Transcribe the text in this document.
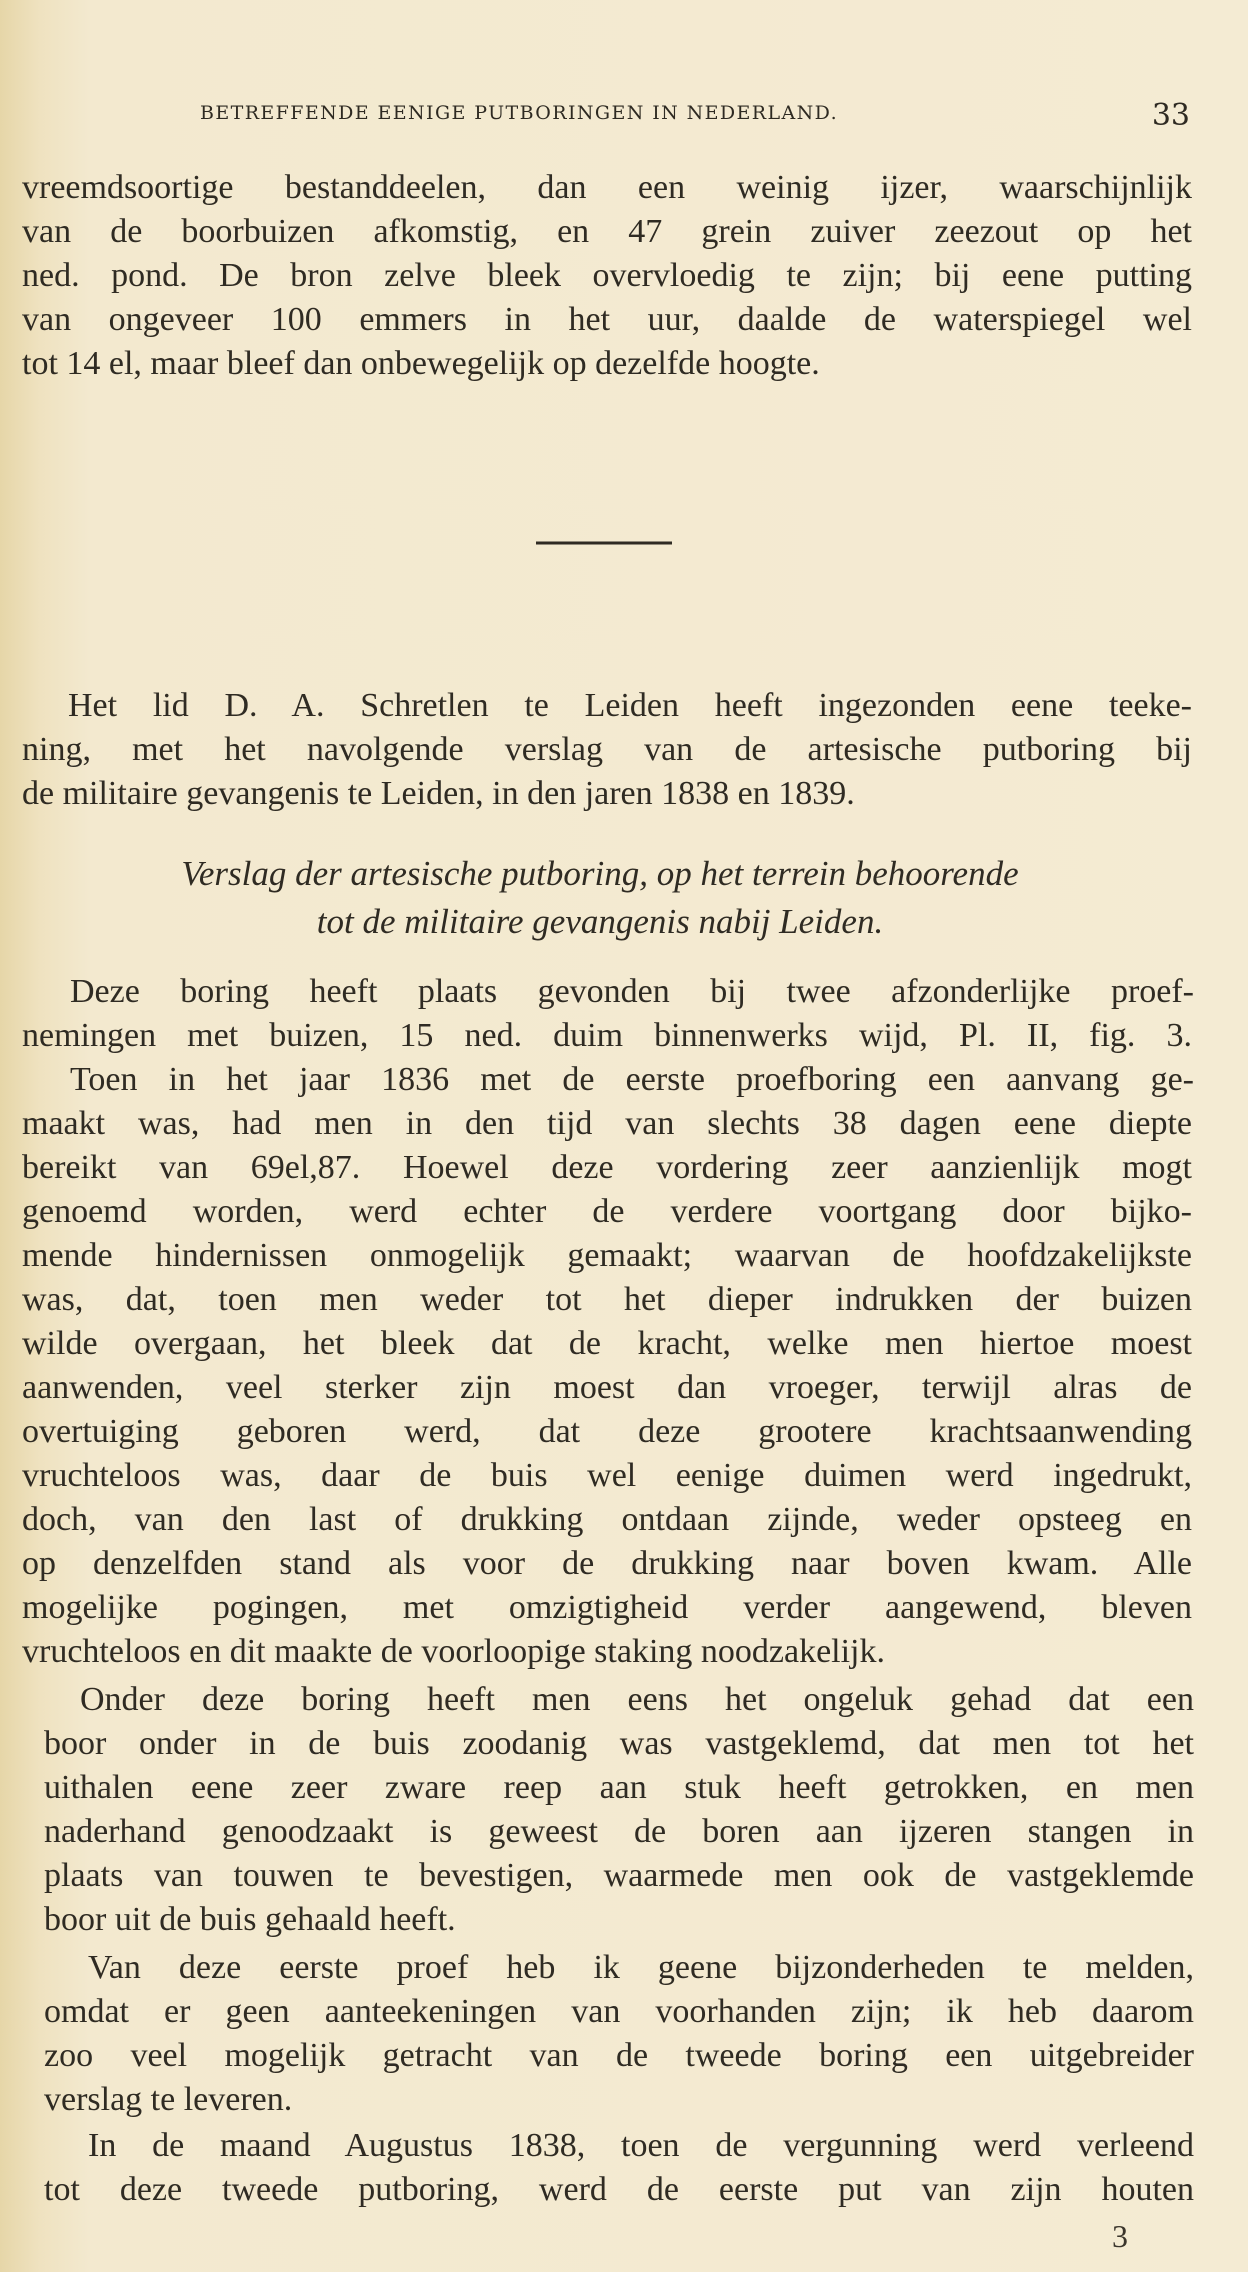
BETREFFENDE EENIGE PUTBORINGEN IN NEDERLAND.	33
vreemdsoortige bestanddeelen, dan een weinig ijzer, waarschijnlijk
van de boorbuizen afkomstig, en 47 grein zuiver zeezout op het
ned. pond. De bron zelve bleek overvloedig te zijn; bij eene putting
van ongeveer 100 emmers in het uur, daalde de waterspiegel wel
tot 14 el, maar bleef dan onbewegelijk op dezelfde hoogte.
Het lid D. A. Schretlen te Leiden heeft ingezonden eene teeke-
ning, met het navolgende verslag van de artesische putboring bij
de militaire gevangenis te Leiden, in den jaren 1838 en 1839.
Verslag der artesische putboring, op het terrein behoorende
tot de militaire gevangenis nabij Leiden.
Deze boring heeft plaats gevonden bij twee afzonderlijke proef-
nemingen met buizen, 15 ned. duim binnenwerks wijd, Pl. II, fig. 3.
Toen in het jaar 1836 met de eerste proefboring een aanvang ge-
maakt was, had men in den tijd van slechts 38 dagen eene diepte
bereikt van 69el,87. Hoewel deze vordering zeer aanzienlijk mogt
genoemd worden, werd echter de verdere voortgang door bijko-
mende hindernissen onmogelijk gemaakt; waarvan de hoofdzakelijkste
was, dat, toen men weder tot het dieper indrukken der buizen
wilde overgaan, het bleek dat de kracht, welke men hiertoe moest
aanwenden, veel sterker zijn moest dan vroeger, terwijl alras de
overtuiging geboren werd, dat deze grootere krachtsaanwending
vruchteloos was, daar de buis wel eenige duimen werd ingedrukt,
doch, van den last of drukking ontdaan zijnde, weder opsteeg en
op denzelfden stand als voor de drukking naar boven kwam. Alle
mogelijke pogingen, met omzigtigheid verder aangewend, bleven
vruchteloos en dit maakte de voorloopige staking noodzakelijk.
Onder deze boring heeft men eens het ongeluk gehad dat een
boor onder in de buis zoodanig was vastgeklemd, dat men tot het
uithalen eene zeer zware reep aan stuk heeft getrokken, en men
naderhand genoodzaakt is geweest de boren aan ijzeren stangen in
plaats van touwen te bevestigen, waarmede men ook de vastgeklemde
boor uit de buis gehaald heeft.
Van deze eerste proef heb ik geene bijzonderheden te melden,
omdat er geen aanteekeningen van voorhanden zijn; ik heb daarom
zoo veel mogelijk getracht van de tweede boring een uitgebreider
verslag te leveren.
In de maand Augustus 1838, toen de vergunning werd verleend
tot deze tweede putboring, werd de eerste put van zijn houten
3
